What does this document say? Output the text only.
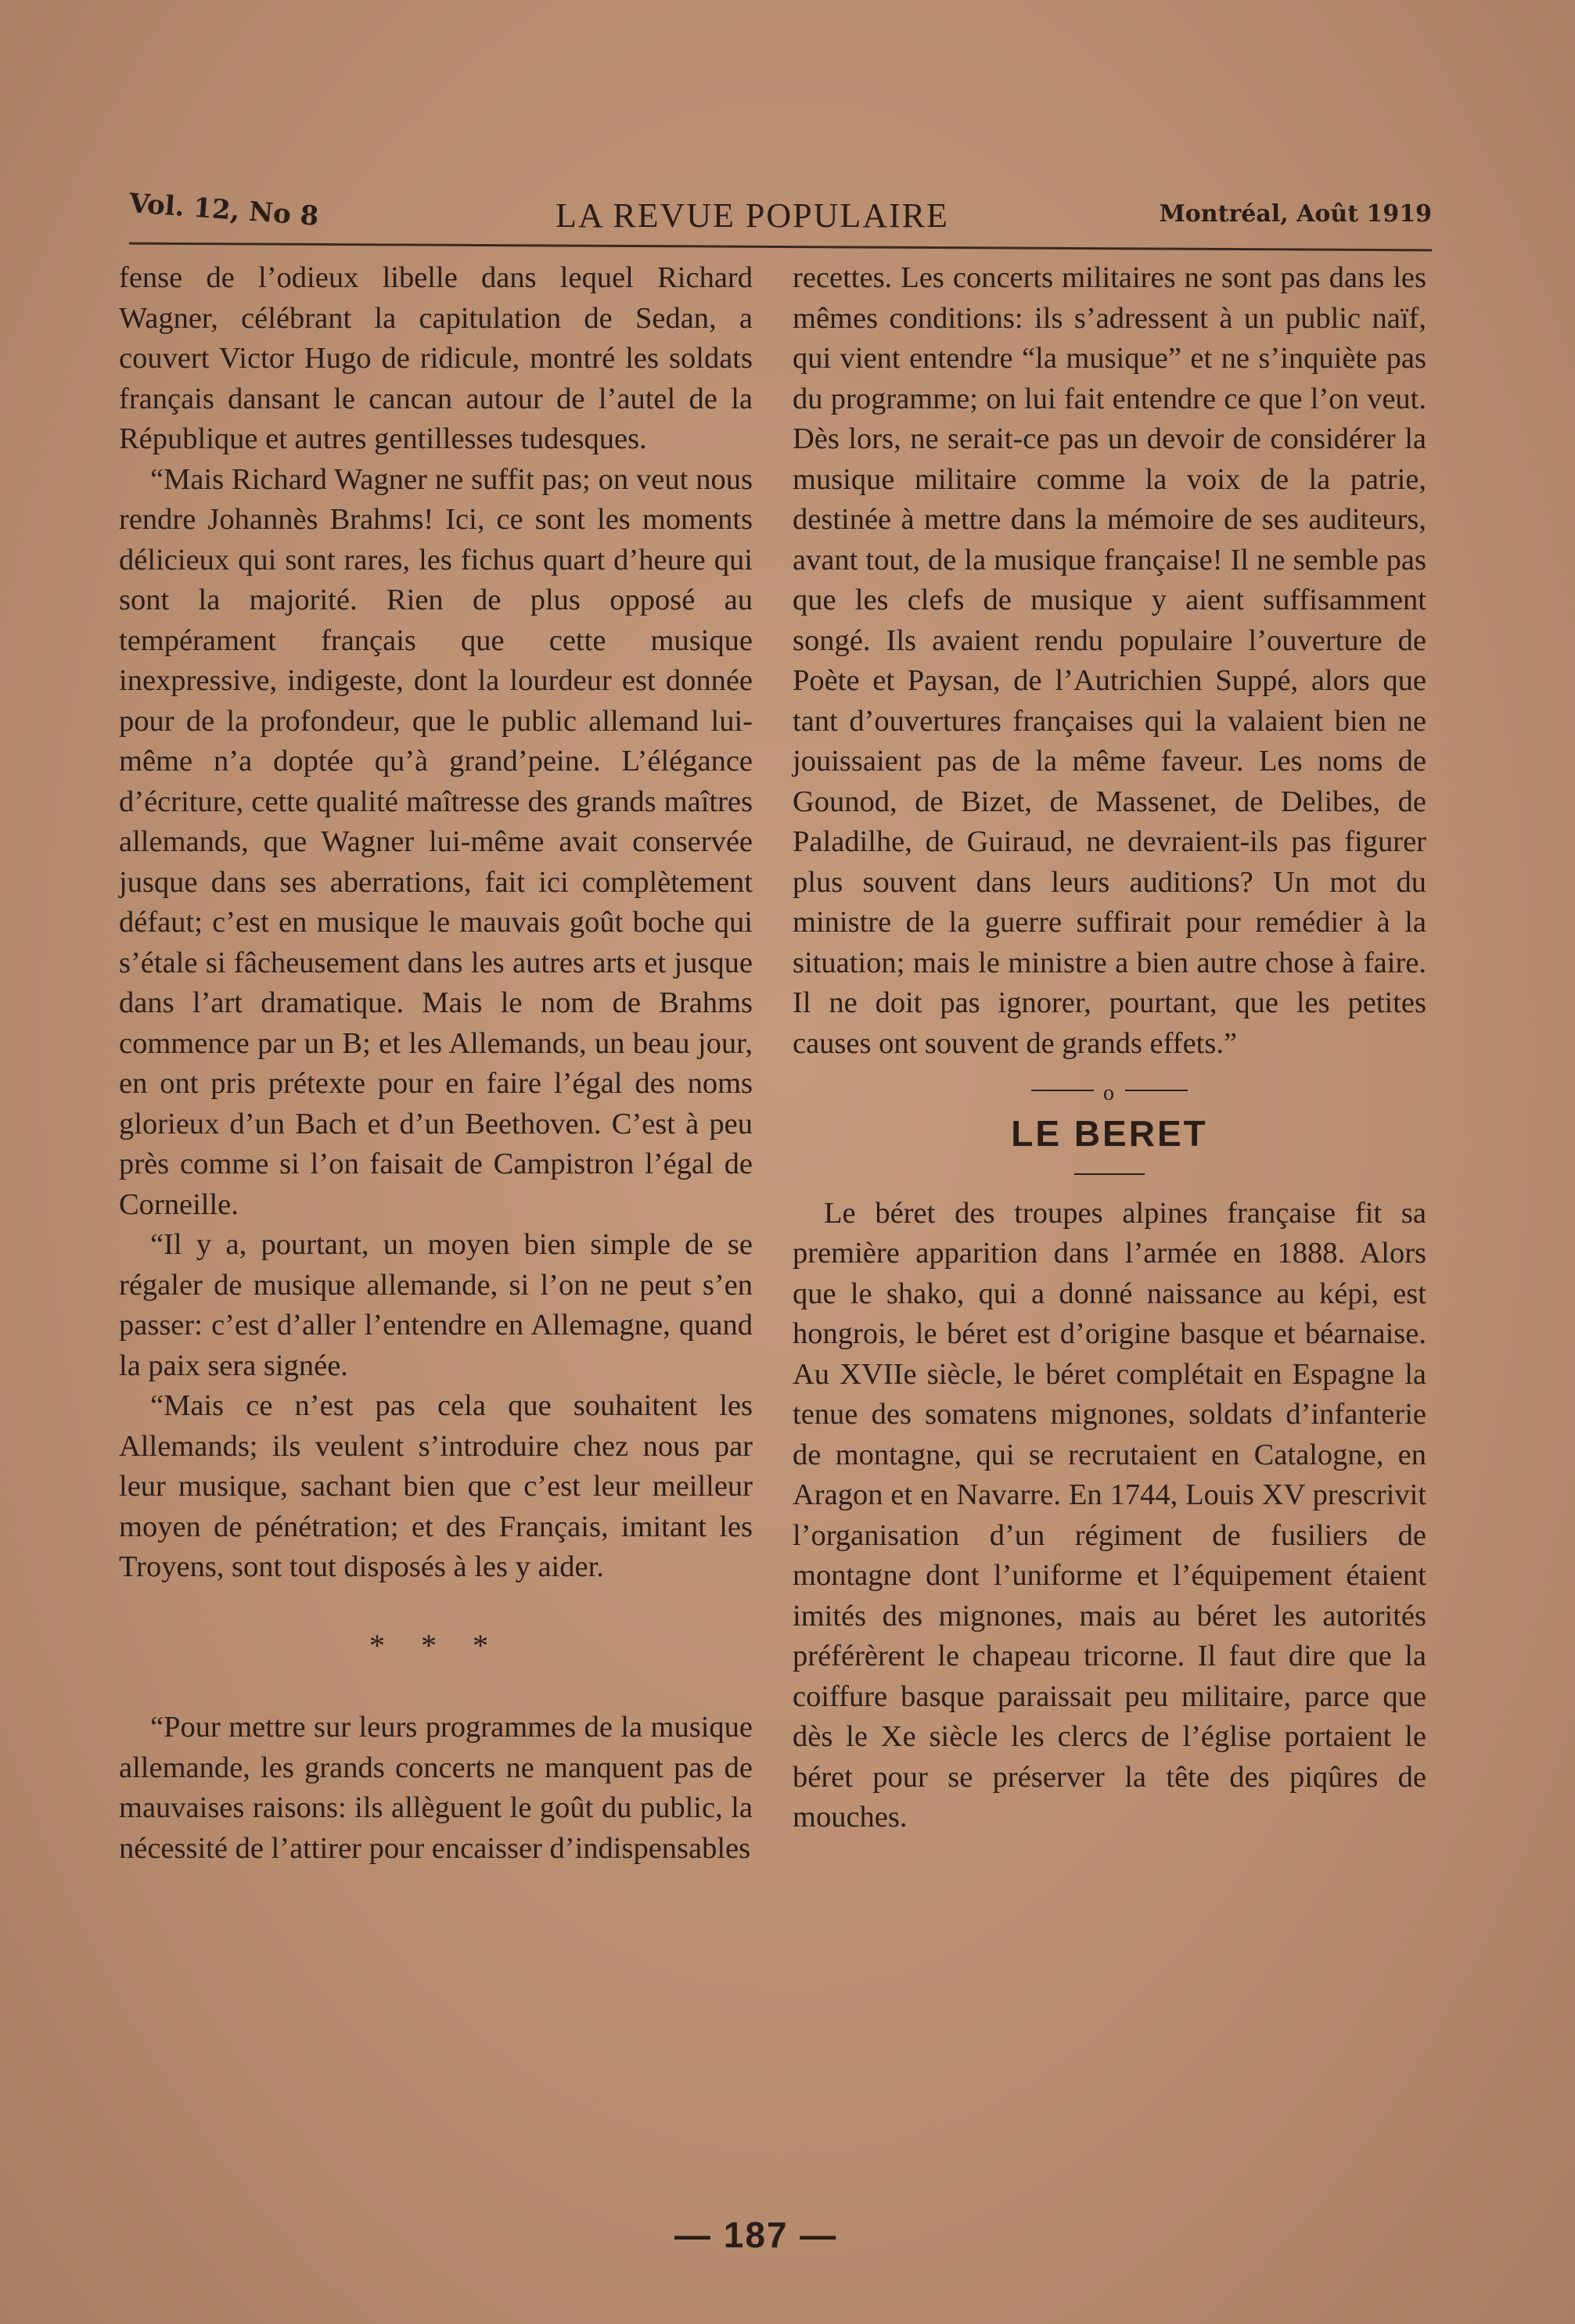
Vol. 12, No 8	LA REVUE POPULAIRE	Montréal, Août 1919

fense de l’odieux libelle dans lequel Richard Wagner, célébrant la capitulation de Sedan, a couvert Victor Hugo de ridicule, montré les soldats français dansant le cancan autour de l’autel de la République et autres gentillesses tudesques.

“Mais Richard Wagner ne suffit pas; on veut nous rendre Johannès Brahms! Ici, ce sont les moments délicieux qui sont rares, les fichus quart d’heure qui sont la majorité. Rien de plus opposé au tempérament français que cette musique inexpressive, indigeste, dont la lourdeur est donnée pour de la profondeur, que le public allemand lui-même n’a doptée qu’à grand’peine. L’élégance d’écriture, cette qualité maîtresse des grands maîtres allemands, que Wagner lui-même avait conservée jusque dans ses aberrations, fait ici complètement défaut; c’est en musique le mauvais goût boche qui s’étale si fâcheusement dans les autres arts et jusque dans l’art dramatique. Mais le nom de Brahms commence par un B; et les Allemands, un beau jour, en ont pris prétexte pour en faire l’égal des noms glorieux d’un Bach et d’un Beethoven. C’est à peu près comme si l’on faisait de Campistron l’égal de Corneille.

“Il y a, pourtant, un moyen bien simple de se régaler de musique allemande, si l’on ne peut s’en passer: c’est d’aller l’entendre en Allemagne, quand la paix sera signée.

“Mais ce n’est pas cela que souhaitent les Allemands; ils veulent s’introduire chez nous par leur musique, sachant bien que c’est leur meilleur moyen de pénétration; et des Français, imitant les Troyens, sont tout disposés à les y aider.

* * *

“Pour mettre sur leurs programmes de la musique allemande, les grands concerts ne manquent pas de mauvaises raisons: ils allèguent le goût du public, la nécessité de l’attirer pour encaisser d’indispensables

recettes. Les concerts militaires ne sont pas dans les mêmes conditions: ils s’adressent à un public naïf, qui vient entendre “la musique” et ne s’inquiète pas du programme; on lui fait entendre ce que l’on veut. Dès lors, ne serait-ce pas un devoir de considérer la musique militaire comme la voix de la patrie, destinée à mettre dans la mémoire de ses auditeurs, avant tout, de la musique française! Il ne semble pas que les clefs de musique y aient suffisamment songé. Ils avaient rendu populaire l’ouverture de Poète et Paysan, de l’Autrichien Suppé, alors que tant d’ouvertures françaises qui la valaient bien ne jouissaient pas de la même faveur. Les noms de Gounod, de Bizet, de Massenet, de Delibes, de Paladilhe, de Guiraud, ne devraient-ils pas figurer plus souvent dans leurs auditions? Un mot du ministre de la guerre suffirait pour remédier à la situation; mais le ministre a bien autre chose à faire. Il ne doit pas ignorer, pourtant, que les petites causes ont souvent de grands effets.”

o
LE BERET

Le béret des troupes alpines française fit sa première apparition dans l’armée en 1888. Alors que le shako, qui a donné naissance au képi, est hongrois, le béret est d’origine basque et béarnaise. Au XVIIe siècle, le béret complétait en Espagne la tenue des somatens mignones, soldats d’infanterie de montagne, qui se recrutaient en Catalogne, en Aragon et en Navarre. En 1744, Louis XV prescrivit l’organisation d’un régiment de fusiliers de montagne dont l’uniforme et l’équipement étaient imités des mignones, mais au béret les autorités préférèrent le chapeau tricorne. Il faut dire que la coiffure basque paraissait peu militaire, parce que dès le Xe siècle les clercs de l’église portaient le béret pour se préserver la tête des piqûres de mouches.

— 187 —
